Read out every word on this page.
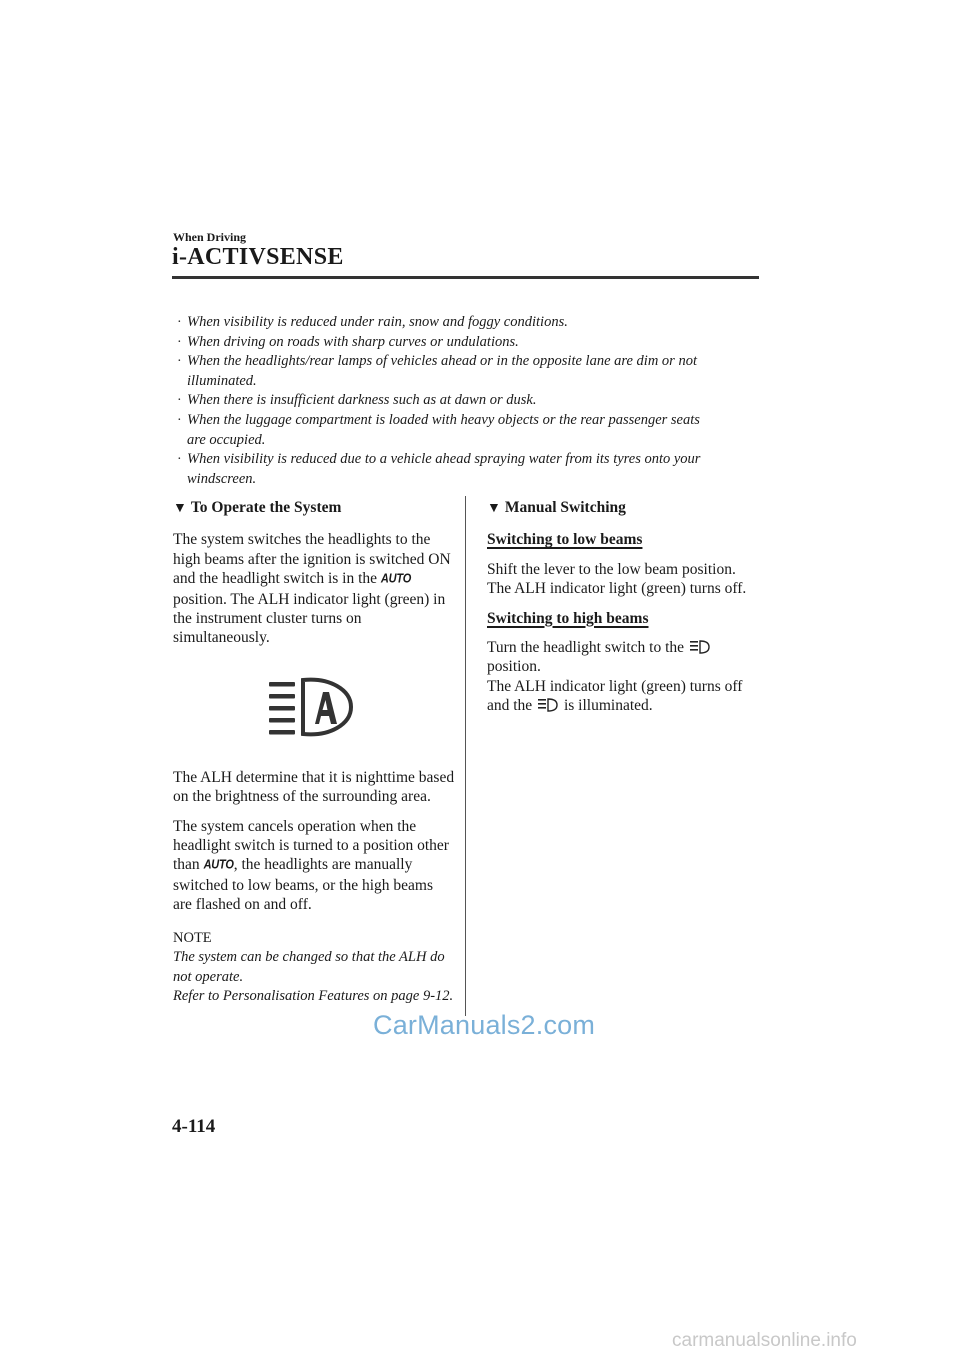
When Driving
i-ACTIVSENSE
· When visibility is reduced under rain, snow and foggy conditions.
· When driving on roads with sharp curves or undulations.
· When the headlights/rear lamps of vehicles ahead or in the opposite lane are dim or not
illuminated.
· When there is insufficient darkness such as at dawn or dusk.
· When the luggage compartment is loaded with heavy objects or the rear passenger seats
are occupied.
· When visibility is reduced due to a vehicle ahead spraying water from its tyres onto your
windscreen.
▼ To Operate the System

The system switches the headlights to the high beams after the ignition is switched ON and the headlight switch is in the AUTO position. The ALH indicator light (green) in the instrument cluster turns on simultaneously.

The ALH determine that it is nighttime based on the brightness of the surrounding area.

The system cancels operation when the headlight switch is turned to a position other than AUTO, the headlights are manually switched to low beams, or the high beams are flashed on and off.

NOTE
The system can be changed so that the ALH do not operate.
Refer to Personalisation Features on page 9-12.
▼ Manual Switching
Switching to low beams

Shift the lever to the low beam position.
The ALH indicator light (green) turns off.

Switching to high beams

Turn the headlight switch to the
position.
The ALH indicator light (green) turns off
and the is illuminated.

CarManuals2.com
4-114
carmanualsonline.info
